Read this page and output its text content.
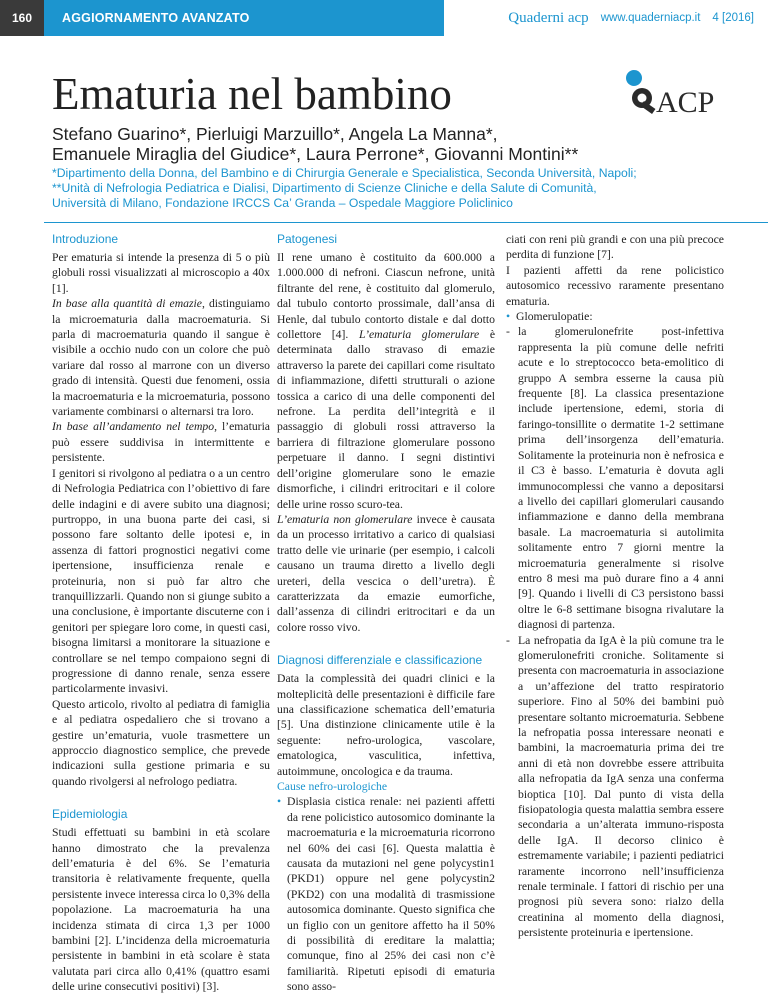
160	AGGIORNAMENTO AVANZATO	Quaderni acp www.quaderniacp.it 4 [2016]
Ematuria nel bambino	ACP
Stefano Guarino*, Pierluigi Marzuillo*, Angela La Manna*,
Emanuele Miraglia del Giudice*, Laura Perrone*, Giovanni Montini**
*Dipartimento della Donna, del Bambino e di Chirurgia Generale e Specialistica, Seconda Università, Napoli;
**Unità di Nefrologia Pediatrica e Dialisi, Dipartimento di Scienze Cliniche e della Salute di Comunità,
Università di Milano, Fondazione IRCCS Ca’ Granda – Ospedale Maggiore Policlinico
Introduzione

Per ematuria si intende la presenza di 5 o più globuli rossi visualizzati al microscopio a 40x [1].

In base alla quantità di emazie, distinguiamo la microematuria dalla macroematuria. Si parla di macroematuria quando il sangue è visibile a occhio nudo con un colore che può variare dal rosso al marrone con un diverso grado di intensità. Questi due fenomeni, ossia la macroematuria e la microematuria, possono variamente combinarsi o alternarsi tra loro.

In base all’andamento nel tempo, l’ematuria può essere suddivisa in intermittente e persistente.

I genitori si rivolgono al pediatra o a un centro di Nefrologia Pediatrica con l’obiettivo di fare delle indagini e di avere subito una diagnosi; purtroppo, in una buona parte dei casi, si possono fare soltanto delle ipotesi e, in assenza di fattori prognostici negativi come ipertensione, insufficienza renale e proteinuria, non si può far altro che tranquillizzarli. Quando non si giunge subito a una conclusione, è importante discuterne con i genitori per spiegare loro come, in questi casi, bisogna limitarsi a monitorare la situazione e controllare se nel tempo compaiono segni di progressione di danno renale, senza essere particolarmente invasivi.

Questo articolo, rivolto al pediatra di famiglia e al pediatra ospedaliero che si trovano a gestire un’ematuria, vuole trasmettere un approccio diagnostico semplice, che prevede indicazioni sulla gestione primaria e su quando rivolgersi al nefrologo pediatra.

Epidemiologia

Studi effettuati su bambini in età scolare hanno dimostrato che la prevalenza dell’ematuria è del 6%. Se l’ematuria transitoria è relativamente frequente, quella persistente invece interessa circa lo 0,3% della popolazione. La macroematuria ha una incidenza stimata di circa 1,3 per 1000 bambini [2]. L’incidenza della microematuria persistente in bambini in età scolare è stata valutata pari circa allo 0,41% (quattro esami delle urine consecutivi positivi) [3].

Patogenesi

Il rene umano è costituito da 600.000 a 1.000.000 di nefroni. Ciascun nefrone, unità filtrante del rene, è costituito dal glomerulo, dal tubulo contorto prossimale, dall’ansa di Henle, dal tubulo contorto distale e dal dotto collettore [4]. L’ematuria glomerulare è determinata dallo stravaso di emazie attraverso la parete dei capillari come risultato di infiammazione, difetti strutturali o azione tossica a carico di una delle componenti del nefrone. La perdita dell’integrità e il passaggio di globuli rossi attraverso la barriera di filtrazione glomerulare possono perpetuare il danno. I segni distintivi dell’origine glomerulare sono le emazie dismorfiche, i cilindri eritrocitari e il colore delle urine rosso scuro-tea.

L’ematuria non glomerulare invece è causata da un processo irritativo a carico di qualsiasi tratto delle vie urinarie (per esempio, i calcoli causano un trauma diretto a livello degli ureteri, della vescica o dell’uretra). È caratterizzata da emazie eumorfiche, dall’assenza di cilindri eritrocitari e da un colore rosso vivo.

Diagnosi differenziale e classificazione

Data la complessità dei quadri clinici e la molteplicità delle presentazioni è difficile fare una classificazione schematica dell’ematuria [5]. Una distinzione clinicamente utile è la seguente: nefro-urologica, vascolare, ematologica, vasculitica, infettiva, autoimmune, oncologica e da trauma.

Cause nefro-urologiche
• Displasia cistica renale: nei pazienti affetti da rene policistico autosomico dominante la macroematuria e la microematuria ricorrono nel 60% dei casi [6]. Questa malattia è causata da mutazioni nel gene polycystin1 (PKD1) oppure nel gene polycystin2 (PKD2) con una modalità di trasmissione autosomica dominante. Questo significa che un figlio con un genitore affetto ha il 50% di possibilità di ereditare la malattia; comunque, fino al 25% dei casi non c’è familiarità. Ripetuti episodi di ematuria sono asso-

ciati con reni più grandi e con una più precoce perdita di funzione [7].

I pazienti affetti da rene policistico autosomico recessivo raramente presentano ematuria.

• Glomerulopatie:
- la glomerulonefrite post-infettiva rappresenta la più comune delle nefriti acute e lo streptococco beta-emolitico di gruppo A sembra esserne la causa più frequente [8]. La classica presentazione include ipertensione, edemi, storia di faringo-tonsillite o dermatite 1-2 settimane prima dell’insorgenza dell’ematuria. Solitamente la proteinuria non è nefrosica e il C3 è basso. L’ematuria è dovuta agli immunocomplessi che vanno a depositarsi a livello dei capillari glomerulari causando infiammazione e danno della membrana basale. La macroematuria si autolimita solitamente entro 7 giorni mentre la microematuria generalmente si risolve entro 8 mesi ma può durare fino a 4 anni [9]. Quando i livelli di C3 persistono bassi oltre le 6-8 settimane bisogna rivalutare la diagnosi di partenza.
- La nefropatia da IgA è la più comune tra le glomerulonefriti croniche. Solitamente si presenta con macroematuria in associazione a un’affezione del tratto respiratorio superiore. Fino al 50% dei bambini può presentare soltanto microematuria. Sebbene la nefropatia possa interessare neonati e bambini, la macroematuria prima dei tre anni di età non dovrebbe essere attribuita alla nefropatia da IgA senza una conferma bioptica [10]. Dal punto di vista della fisiopatologia questa malattia sembra essere secondaria a un’alterata immuno-risposta delle IgA. Il decorso clinico è estremamente variabile; i pazienti pediatrici raramente incorrono nell’insufficienza renale terminale. I fattori di rischio per una prognosi più severa sono: rialzo della creatinina al momento della diagnosi, persistente proteinuria e ipertensione.
